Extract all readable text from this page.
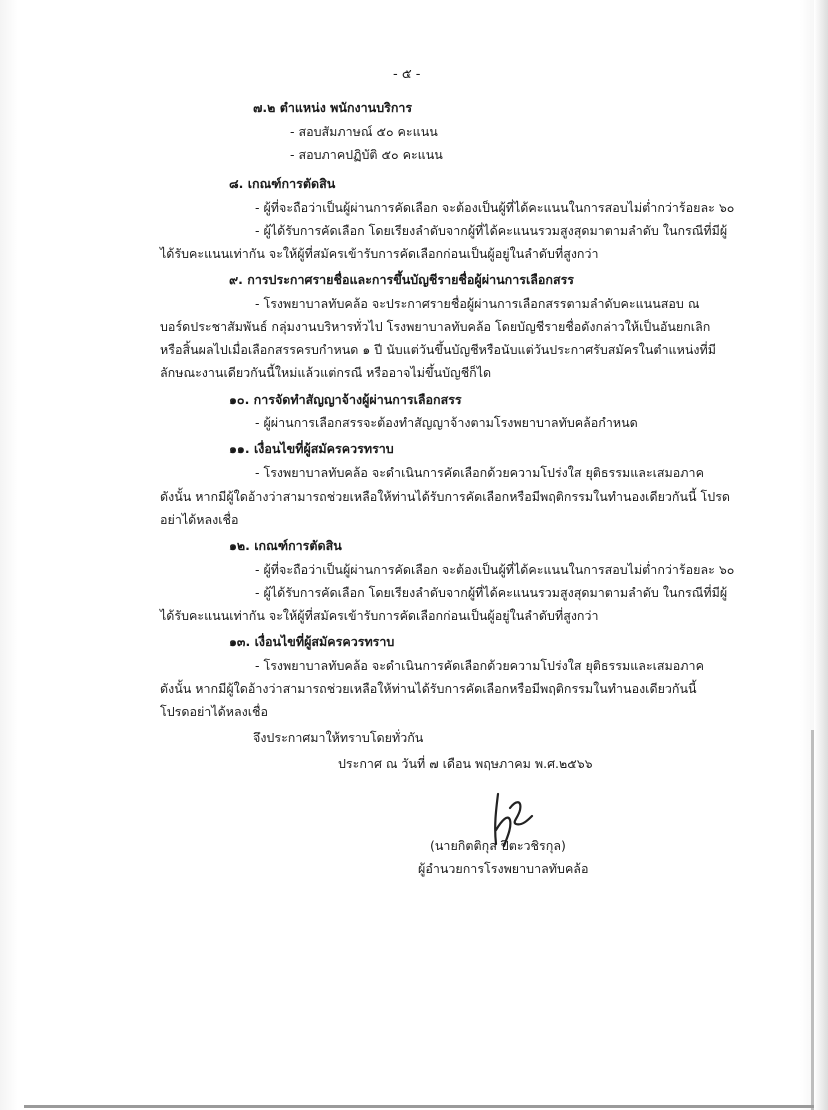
- ๕ -
๗.๒ ตำแหน่ง พนักงานบริการ
- สอบสัมภาษณ์ ๕๐ คะแนน
- สอบภาคปฏิบัติ ๕๐ คะแนน
๘. เกณฑ์การตัดสิน
- ผู้ที่จะถือว่าเป็นผู้ผ่านการคัดเลือก จะต้องเป็นผู้ที่ได้คะแนนในการสอบไม่ต่ำกว่าร้อยละ ๖๐
- ผู้ได้รับการคัดเลือก โดยเรียงลำดับจากผู้ที่ได้คะแนนรวมสูงสุดมาตามลำดับ ในกรณีที่มีผู้
ได้รับคะแนนเท่ากัน จะให้ผู้ที่สมัครเข้ารับการคัดเลือกก่อนเป็นผู้อยู่ในลำดับที่สูงกว่า
๙. การประกาศรายชื่อและการขึ้นบัญชีรายชื่อผู้ผ่านการเลือกสรร
- โรงพยาบาลทับคล้อ จะประกาศรายชื่อผู้ผ่านการเลือกสรรตามลำดับคะแนนสอบ ณ
บอร์ดประชาสัมพันธ์ กลุ่มงานบริหารทั่วไป โรงพยาบาลทับคล้อ โดยบัญชีรายชื่อดังกล่าวให้เป็นอันยกเลิก
หรือสิ้นผลไปเมื่อเลือกสรรครบกำหนด ๑ ปี นับแต่วันขึ้นบัญชีหรือนับแต่วันประกาศรับสมัครในตำแหน่งที่มี
ลักษณะงานเดียวกันนี้ใหม่แล้วแต่กรณี หรืออาจไม่ขึ้นบัญชีก็ได
๑๐. การจัดทำสัญญาจ้างผู้ผ่านการเลือกสรร
- ผู้ผ่านการเลือกสรรจะต้องทำสัญญาจ้างตามโรงพยาบาลทับคล้อกำหนด
๑๑. เงื่อนไขที่ผู้สมัครควรทราบ
- โรงพยาบาลทับคล้อ จะดำเนินการคัดเลือกด้วยความโปร่งใส ยุติธรรมและเสมอภาค
ดังนั้น หากมีผู้ใดอ้างว่าสามารถช่วยเหลือให้ท่านได้รับการคัดเลือกหรือมีพฤติกรรมในทำนองเดียวกันนี้ โปรด
อย่าได้หลงเชื่อ
๑๒. เกณฑ์การตัดสิน
- ผู้ที่จะถือว่าเป็นผู้ผ่านการคัดเลือก จะต้องเป็นผู้ที่ได้คะแนนในการสอบไม่ต่ำกว่าร้อยละ ๖๐
- ผู้ได้รับการคัดเลือก โดยเรียงลำดับจากผู้ที่ได้คะแนนรวมสูงสุดมาตามลำดับ ในกรณีที่มีผู้
ได้รับคะแนนเท่ากัน จะให้ผู้ที่สมัครเข้ารับการคัดเลือกก่อนเป็นผู้อยู่ในลำดับที่สูงกว่า
๑๓. เงื่อนไขที่ผู้สมัครควรทราบ
- โรงพยาบาลทับคล้อ จะดำเนินการคัดเลือกด้วยความโปร่งใส ยุติธรรมและเสมอภาค
ดังนั้น หากมีผู้ใดอ้างว่าสามารถช่วยเหลือให้ท่านได้รับการคัดเลือกหรือมีพฤติกรรมในทำนองเดียวกันนี้
โปรดอย่าได้หลงเชื่อ
จึงประกาศมาให้ทราบโดยทั่วกัน
ประกาศ ณ วันที่ ๗ เดือน พฤษภาคม พ.ศ.๒๕๖๖
(นายกิตติกุล ปิตะวชิรกุล)
ผู้อำนวยการโรงพยาบาลทับคล้อ
